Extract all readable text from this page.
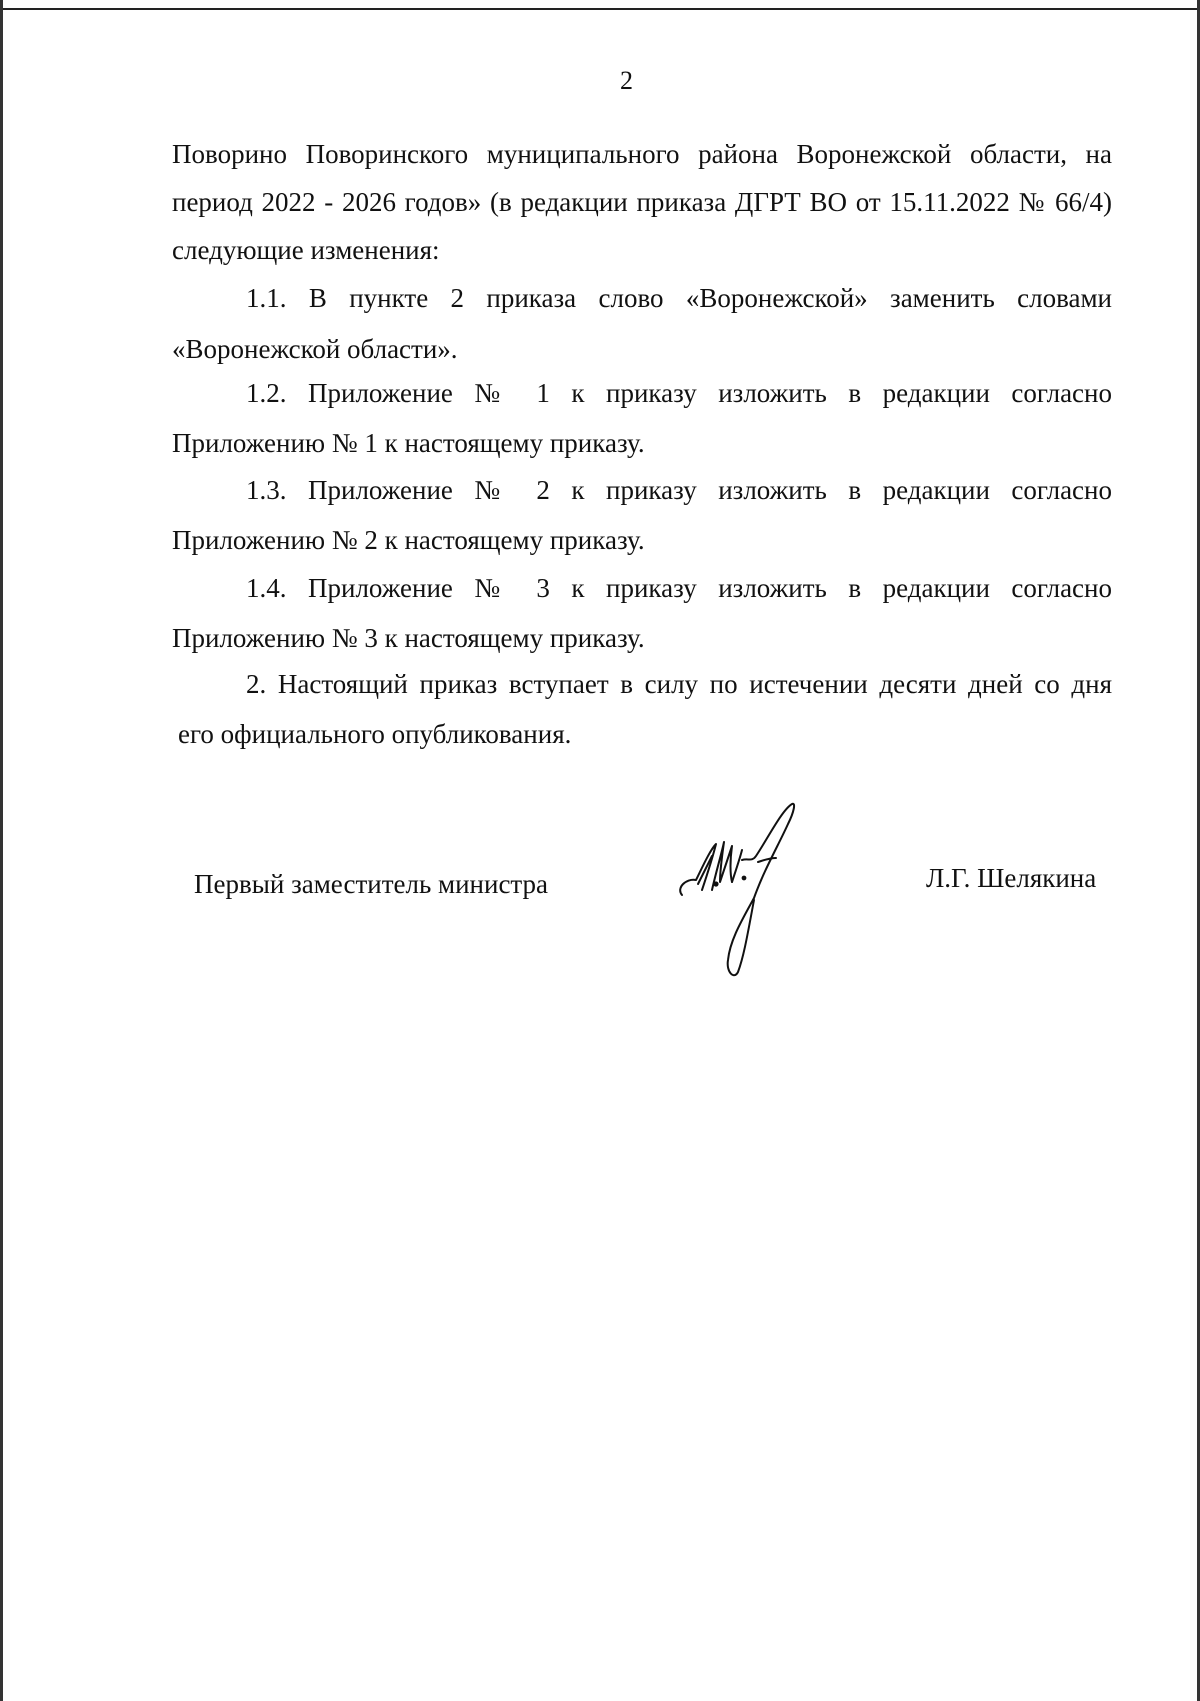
2
Поворино Поворинского муниципального района Воронежской области, на
период 2022 - 2026 годов» (в редакции приказа ДГРТ ВО от 15.11.2022 № 66/4)
следующие изменения:
1.1. В пункте 2 приказа слово «Воронежской» заменить словами
«Воронежской области».
1.2. Приложение № 1 к приказу изложить в редакции согласно
Приложению № 1 к настоящему приказу.
1.3. Приложение № 2 к приказу изложить в редакции согласно
Приложению № 2 к настоящему приказу.
1.4. Приложение № 3 к приказу изложить в редакции согласно
Приложению № 3 к настоящему приказу.
2. Настоящий приказ вступает в силу по истечении десяти дней со дня
его официального опубликования.
Первый заместитель министра	Л.Г. Шелякина
